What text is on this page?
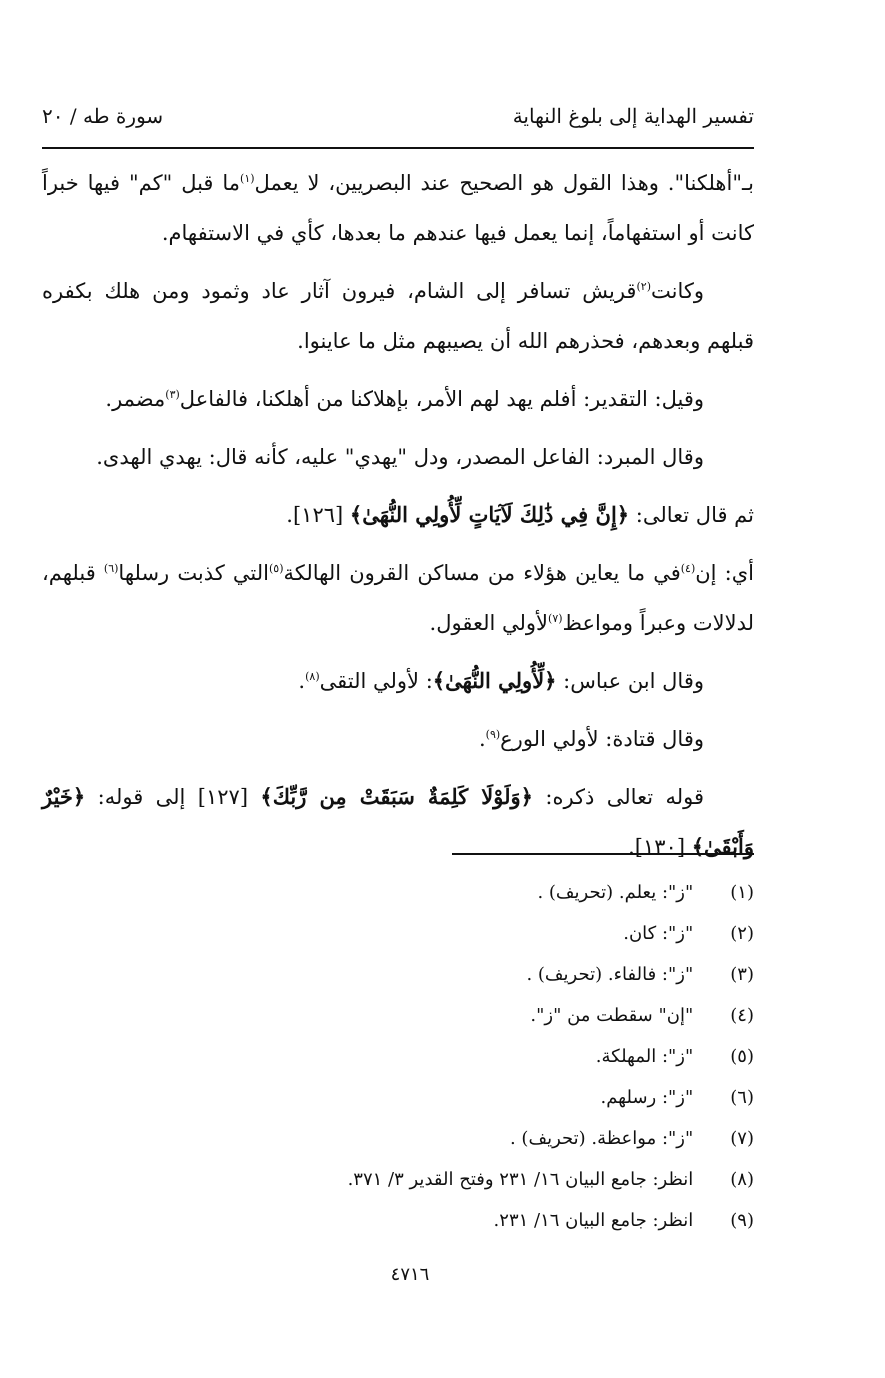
تفسير الهداية إلى بلوغ النهاية
سورة طه / ٢٠

بـ"أهلكنا". وهذا القول هو الصحيح عند البصريين، لا يعمل$^{(١)}$ما قبل "كم" فيها خبراً كانت أو استفهاماً، إنما يعمل فيها عندهم ما بعدها، كأي في الاستفهام.

وكانت$^{(٢)}$قريش تسافر إلى الشام، فيرون آثار عاد وثمود ومن هلك بكفره قبلهم وبعدهم، فحذرهم الله أن يصيبهم مثل ما عاينوا.

وقيل: التقدير: أفلم يهد لهم الأمر، بإهلاكنا من أهلكنا، فالفاعل$^{(٣)}$مضمر.

وقال المبرد: الفاعل المصدر، ودل "يهدي" عليه، كأنه قال: يهدي الهدى.

ثم قال تعالى: ﴿إِنَّ فِي ذَٰلِكَ لَآيَاتٍ لِّأُولِي النُّهَىٰ﴾ [١٢٦].

أي: إن$^{(٤)}$في ما يعاين هؤلاء من مساكن القرون الهالكة$^{(٥)}$التي كذبت رسلها$^{(٦)}$ قبلهم، لدلالات وعبراً ومواعظ$^{(٧)}$لأولي العقول.

وقال ابن عباس: ﴿لِّأُولِي النُّهَىٰ﴾: لأولي التقى$^{(٨)}$.

وقال قتادة: لأولي الورع$^{(٩)}$.

قوله تعالى ذكره: ﴿وَلَوْلَا كَلِمَةٌ سَبَقَتْ مِن رَّبِّكَ﴾ [١٢٧] إلى قوله: ﴿خَيْرٌ وَأَبْقَىٰ﴾ [١٣٠].

(١) "ز": يعلم. (تحريف) .
(٢) "ز": كان.
(٣) "ز": فالفاء. (تحريف) .
(٤) "إن" سقطت من "ز".
(٥) "ز": المهلكة.
(٦) "ز": رسلهم.
(٧) "ز": مواعظة. (تحريف) .
(٨) انظر: جامع البيان ١٦/ ٢٣١ وفتح القدير ٣/ ٣٧١.
(٩) انظر: جامع البيان ١٦/ ٢٣١.
٤٧١٦
